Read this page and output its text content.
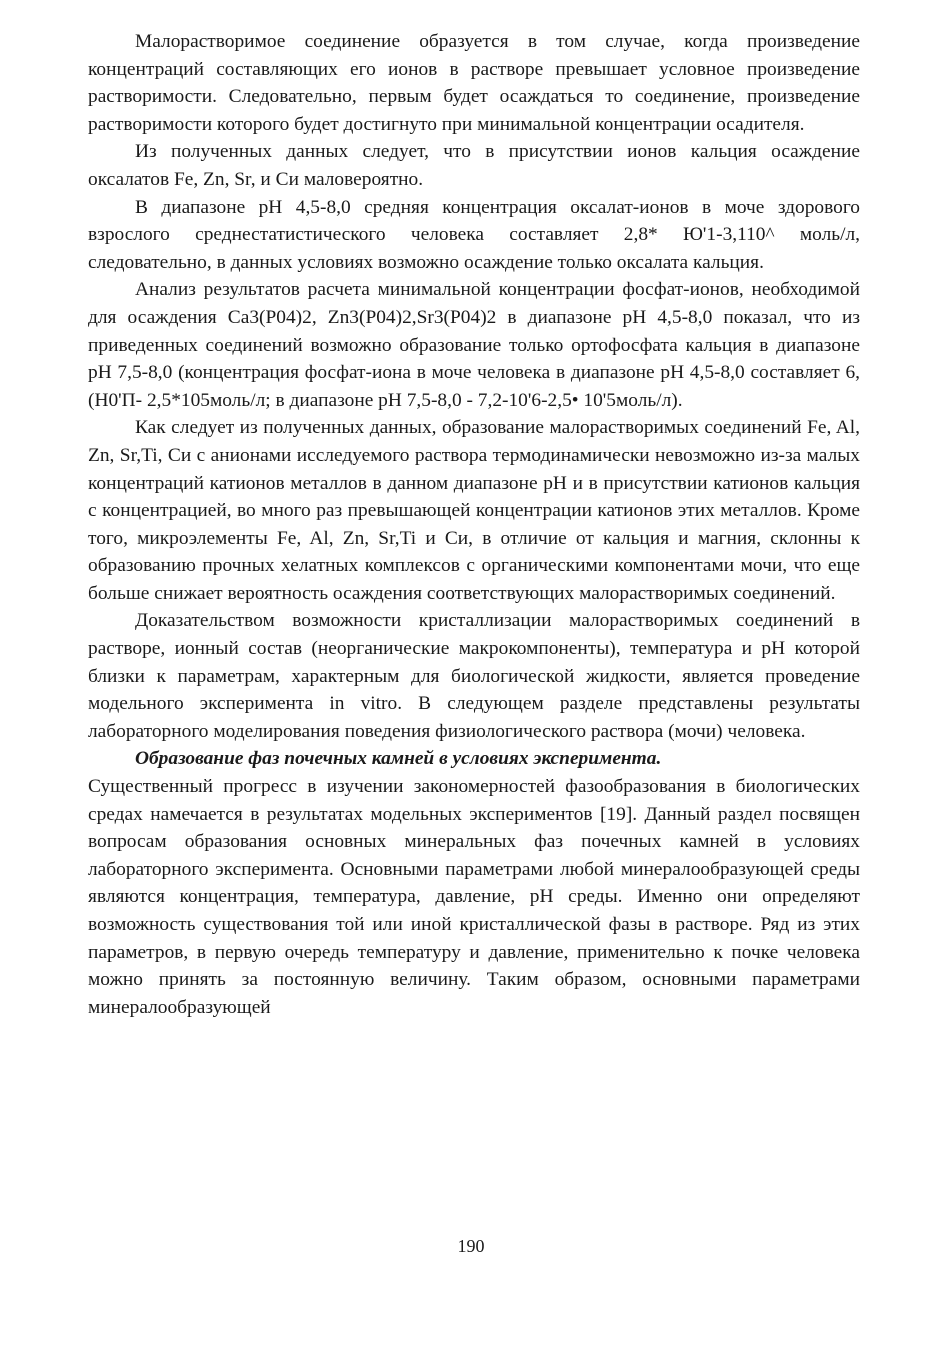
Малорастворимое соединение образуется в том случае, когда произведение концентраций составляющих его ионов в растворе превышает условное произведение растворимости. Следовательно, первым будет осаждаться то соединение, произведение растворимости которого будет достигнуто при минимальной концентрации осадителя.

Из полученных данных следует, что в присутствии ионов кальция осаждение оксалатов Fe, Zn, Sr, и Си маловероятно.

В диапазоне pH 4,5-8,0 средняя концентрация оксалат-ионов в моче здорового взрослого среднестатистического человека составляет 2,8* Ю'1-3,110^ моль/л, следовательно, в данных условиях возможно осаждение только оксалата кальция.

Анализ результатов расчета минимальной концентрации фосфат-ионов, необходимой для осаждения Ca3(P04)2, Zn3(P04)2,Sr3(P04)2 в диапазоне pH 4,5-8,0 показал, что из приведенных соединений возможно образование только ортофосфата кальция в диапазоне pH 7,5-8,0 (концентрация фосфат-иона в моче человека в диапазоне pH 4,5-8,0 составляет 6,(Н0'П- 2,5*105моль/л; в диапазоне pH 7,5-8,0 - 7,2-10'6-2,5• 10'5моль/л).

Как следует из полученных данных, образование малорастворимых соединений Fe, Al, Zn, Sr,Ti, Си с анионами исследуемого раствора термодинамически невозможно из-за малых концентраций катионов металлов в данном диапазоне pH и в присутствии катионов кальция с концентрацией, во много раз превышающей концентрации катионов этих металлов. Кроме того, микроэлементы Fe, Al, Zn, Sr,Ti и Си, в отличие от кальция и магния, склонны к образованию прочных хелатных комплексов с органическими компонентами мочи, что еще больше снижает вероятность осаждения соответствующих малорастворимых соединений.

Доказательством возможности кристаллизации малорастворимых соединений в растворе, ионный состав (неорганические макрокомпоненты), температура и pH которой близки к параметрам, характерным для биологической жидкости, является проведение модельного эксперимента in vitro. В следующем разделе представлены результаты лабораторного моделирования поведения физиологического раствора (мочи) человека.

Образование фаз почечных камней в условиях эксперимента.
Существенный прогресс в изучении закономерностей фазообразования в биологических средах намечается в результатах модельных экспериментов [19]. Данный раздел посвящен вопросам образования основных минеральных фаз почечных камней в условиях лабораторного эксперимента. Основными параметрами любой минералообразующей среды являются концентрация, температура, давление, pH среды. Именно они определяют возможность существования той или иной кристаллической фазы в растворе. Ряд из этих параметров, в первую очередь температуру и давление, применительно к почке человека можно принять за постоянную величину. Таким образом, основными параметрами минералообразующей

190
